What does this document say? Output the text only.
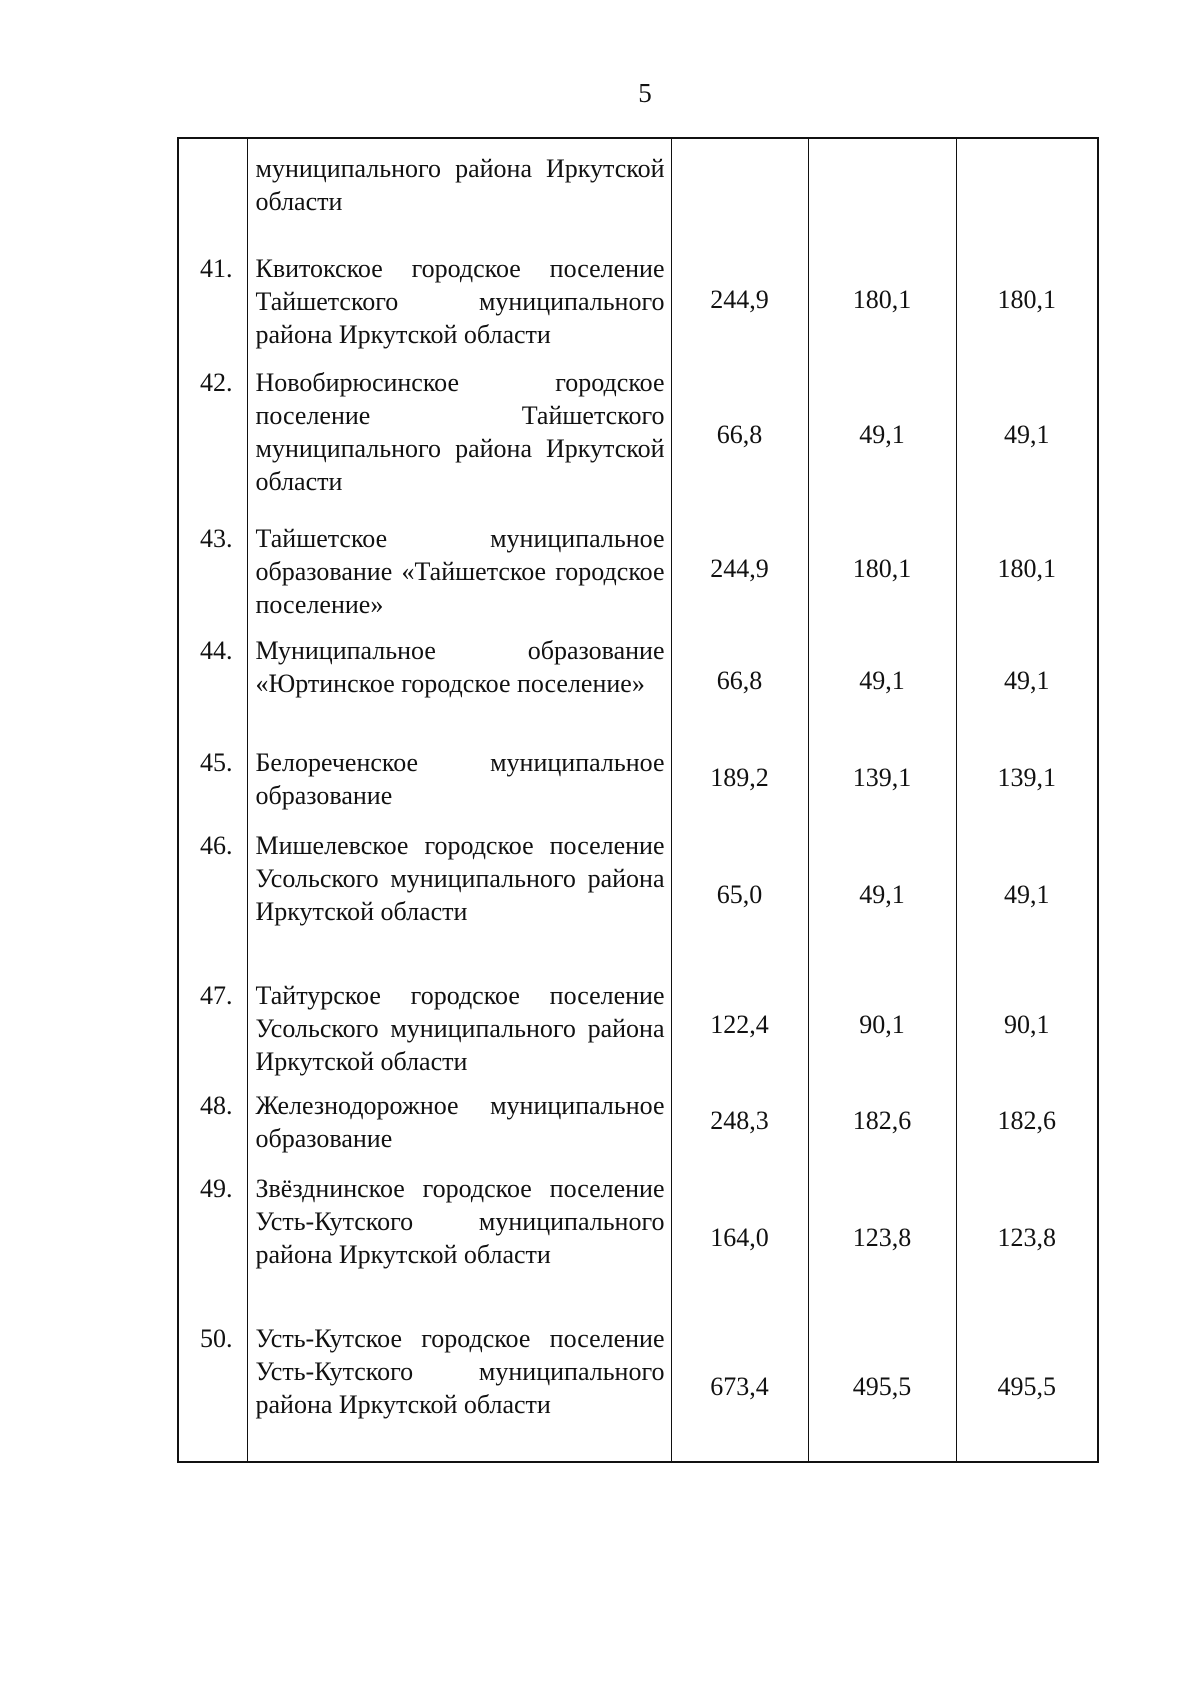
5
	муниципального района Иркутской области			
41.	Квитокское городское поселение Тайшетского муниципального района Иркутской области	244,9	180,1	180,1
42.	Новобирюсинское городское поселение Тайшетского муниципального района Иркутской области	66,8	49,1	49,1
43.	Тайшетское муниципальное образование «Тайшетское городское поселение»	244,9	180,1	180,1
44.	Муниципальное образование «Юртинское городское поселение»	66,8	49,1	49,1
45.	Белореченское муниципальное образование	189,2	139,1	139,1
46.	Мишелевское городское поселение Усольского муниципального района Иркутской области	65,0	49,1	49,1
47.	Тайтурское городское поселение Усольского муниципального района Иркутской области	122,4	90,1	90,1
48.	Железнодорожное муниципальное образование	248,3	182,6	182,6
49.	Звёзднинское городское поселение Усть-Кутского муниципального района Иркутской области	164,0	123,8	123,8
50.	Усть-Кутское городское поселение Усть-Кутского муниципального района Иркутской области	673,4	495,5	495,5
